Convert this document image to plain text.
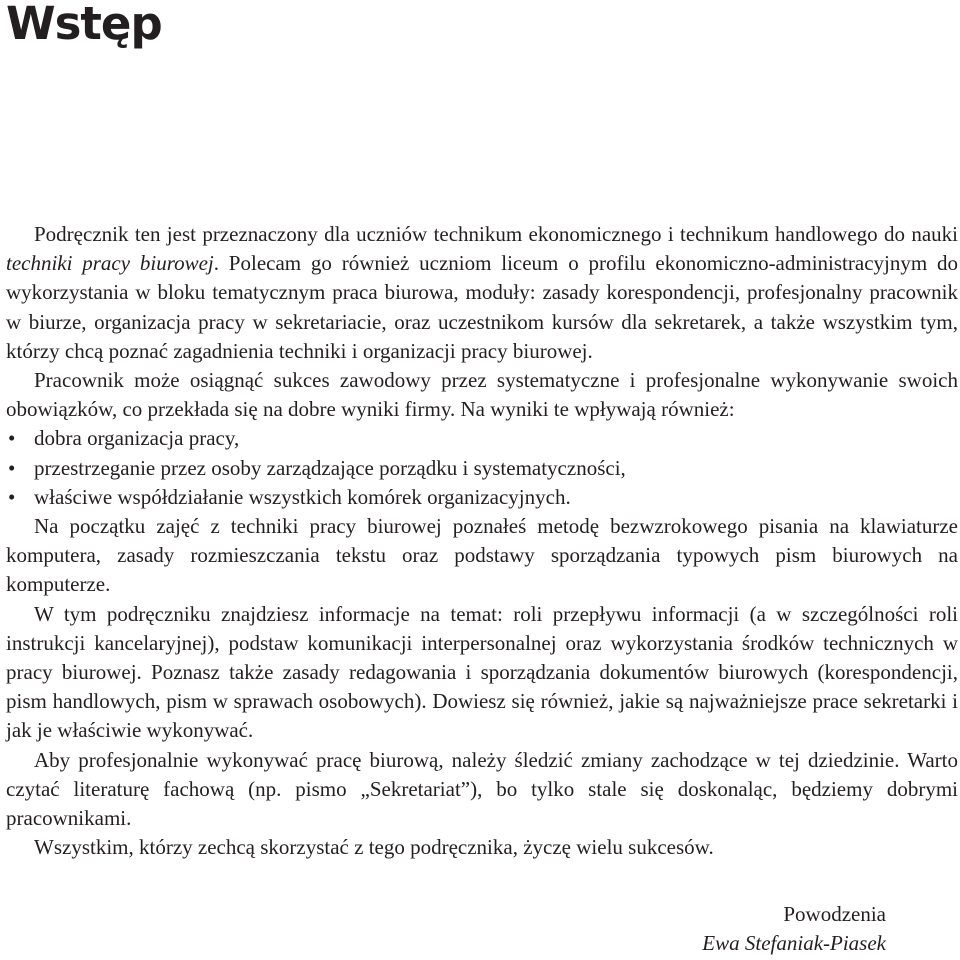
Wstęp

Podręcznik ten jest przeznaczony dla uczniów technikum ekonomicznego i technikum handlowego do nauki techniki pracy biurowej. Polecam go również uczniom liceum o profilu ekonomiczno-administracyjnym do wykorzystania w bloku tematycznym praca biurowa, moduły: zasady korespondencji, profesjonalny pracownik w biurze, organizacja pracy w sekretariacie, oraz uczestnikom kursów dla sekretarek, a także wszystkim tym, którzy chcą poznać zagadnienia techniki i organizacji pracy biurowej.

Pracownik może osiągnąć sukces zawodowy przez systematyczne i profesjonalne wykonywanie swoich obowiązków, co przekłada się na dobre wyniki firmy. Na wyniki te wpływają również:

• dobra organizacja pracy,
• przestrzeganie przez osoby zarządzające porządku i systematyczności,
• właściwe współdziałanie wszystkich komórek organizacyjnych.

Na początku zajęć z techniki pracy biurowej poznałeś metodę bezwzrokowego pisania na klawiaturze komputera, zasady rozmieszczania tekstu oraz podstawy sporządzania typowych pism biurowych na komputerze.

W tym podręczniku znajdziesz informacje na temat: roli przepływu informacji (a w szczególności roli instrukcji kancelaryjnej), podstaw komunikacji interpersonalnej oraz wykorzystania środków technicznych w pracy biurowej. Poznasz także zasady redagowania i sporządzania dokumentów biurowych (korespondencji, pism handlowych, pism w sprawach osobowych). Dowiesz się również, jakie są najważniejsze prace sekretarki i jak je właściwie wykonywać.

Aby profesjonalnie wykonywać pracę biurową, należy śledzić zmiany zachodzące w tej dziedzinie. Warto czytać literaturę fachową (np. pismo „Sekretariat”), bo tylko stale się doskonaląc, będziemy dobrymi pracownikami.

Wszystkim, którzy zechcą skorzystać z tego podręcznika, życzę wielu sukcesów.

Powodzenia
Ewa Stefaniak-Piasek
